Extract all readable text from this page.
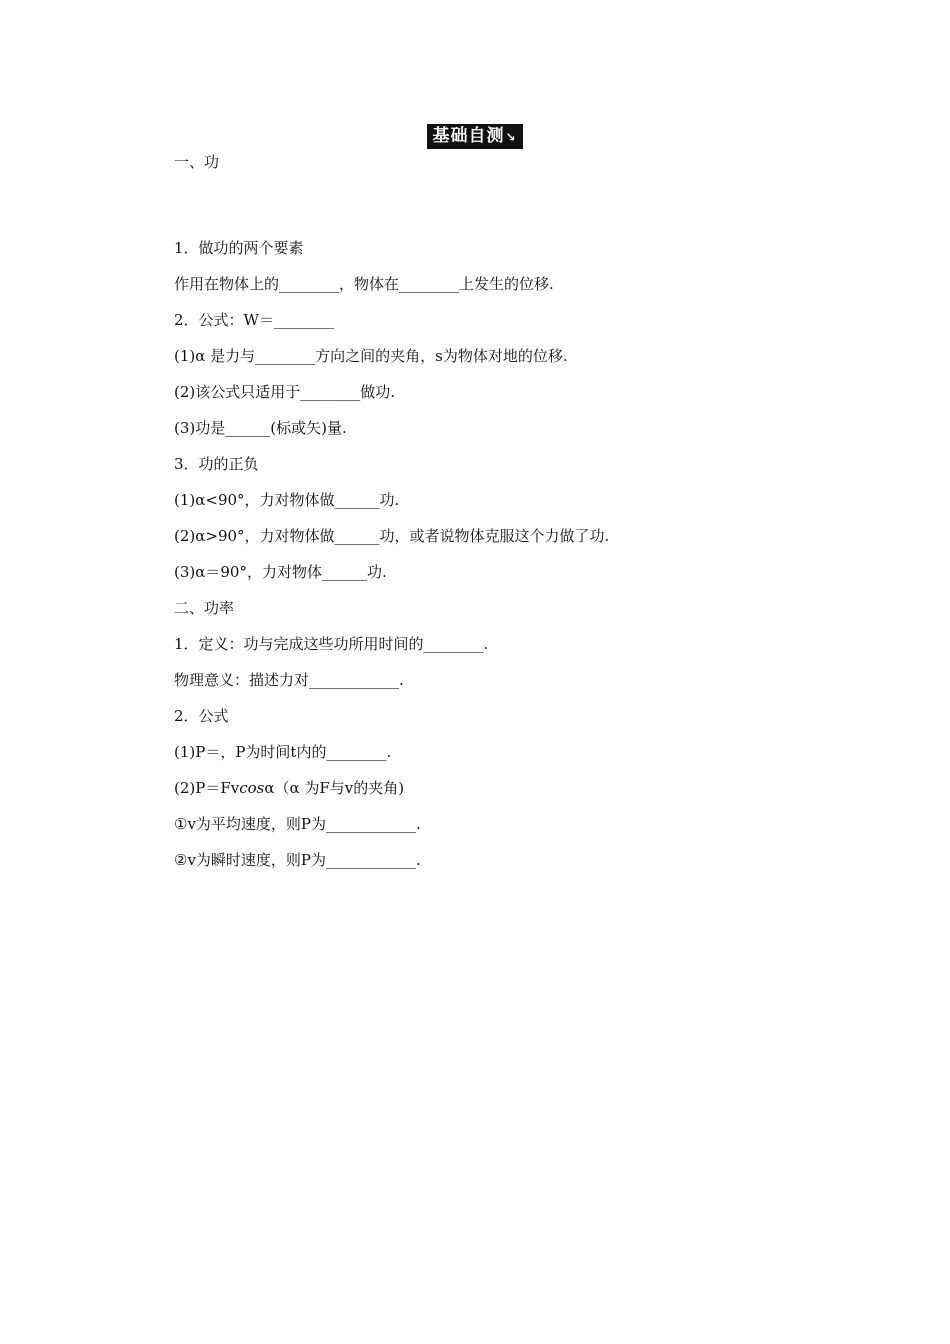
基础自测↘
一、功
1．做功的两个要素
作用在物体上的________，物体在________上发生的位移.
2．公式：W＝________
(1)α 是力与________方向之间的夹角，s为物体对地的位移.
(2)该公式只适用于________做功.
(3)功是______(标或矢)量.
3．功的正负
(1)α<90°，力对物体做______功.
(2)α>90°，力对物体做______功，或者说物体克服这个力做了功.
(3)α＝90°，力对物体______功.
二、功率
1．定义：功与完成这些功所用时间的________.
物理意义：描述力对____________.
2．公式
(1)P＝，P为时间t内的________.
(2)P＝Fvcosα（α 为F与v的夹角)
①v为平均速度，则P为____________.
②v为瞬时速度，则P为____________.
